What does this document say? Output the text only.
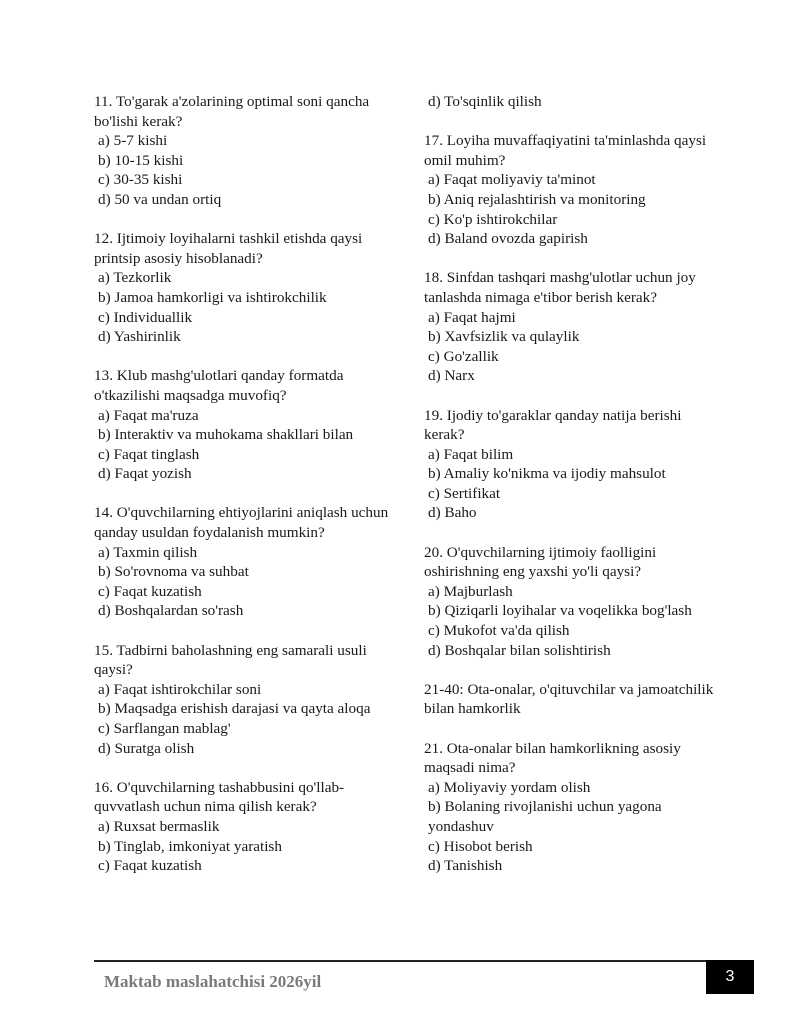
11. To'garak a'zolarining optimal soni qancha bo'lishi kerak?

a) 5-7 kishi

b) 10-15 kishi

c) 30-35 kishi

d) 50 va undan ortiq

12. Ijtimoiy loyihalarni tashkil etishda qaysi printsip asosiy hisoblanadi?

a) Tezkorlik

b) Jamoa hamkorligi va ishtirokchilik

c) Individuallik

d) Yashirinlik

13. Klub mashg'ulotlari qanday formatda o'tkazilishi maqsadga muvofiq?

a) Faqat ma'ruza

b) Interaktiv va muhokama shakllari bilan

c) Faqat tinglash

d) Faqat yozish

14. O'quvchilarning ehtiyojlarini aniqlash uchun qanday usuldan foydalanish mumkin?

a) Taxmin qilish

b) So'rovnoma va suhbat

c) Faqat kuzatish

d) Boshqalardan so'rash

15. Tadbirni baholashning eng samarali usuli qaysi?

a) Faqat ishtirokchilar soni

b) Maqsadga erishish darajasi va qayta aloqa

c) Sarflangan mablag'

d) Suratga olish

16. O'quvchilarning tashabbusini qo'llab-quvvatlash uchun nima qilish kerak?

a) Ruxsat bermaslik

b) Tinglab, imkoniyat yaratish

c) Faqat kuzatish

d) To'sqinlik qilish

17. Loyiha muvaffaqiyatini ta'minlashda qaysi omil muhim?

a) Faqat moliyaviy ta'minot

b) Aniq rejalashtirish va monitoring

c) Ko'p ishtirokchilar

d) Baland ovozda gapirish

18. Sinfdan tashqari mashg'ulotlar uchun joy tanlashda nimaga e'tibor berish kerak?

a) Faqat hajmi

b) Xavfsizlik va qulaylik

c) Go'zallik

d) Narx

19. Ijodiy to'garaklar qanday natija berishi kerak?

a) Faqat bilim

b) Amaliy ko'nikma va ijodiy mahsulot

c) Sertifikat

d) Baho

20. O'quvchilarning ijtimoiy faolligini oshirishning eng yaxshi yo'li qaysi?

a) Majburlash

b) Qiziqarli loyihalar va voqelikka bog'lash

c) Mukofot va'da qilish

d) Boshqalar bilan solishtirish

21-40: Ota-onalar, o'qituvchilar va jamoatchilik bilan hamkorlik

21. Ota-onalar bilan hamkorlikning asosiy maqsadi nima?

a) Moliyaviy yordam olish

b) Bolaning rivojlanishi uchun yagona yondashuv

c) Hisobot berish

d) Tanishish

Maktab maslahatchisi 2026yil	3
